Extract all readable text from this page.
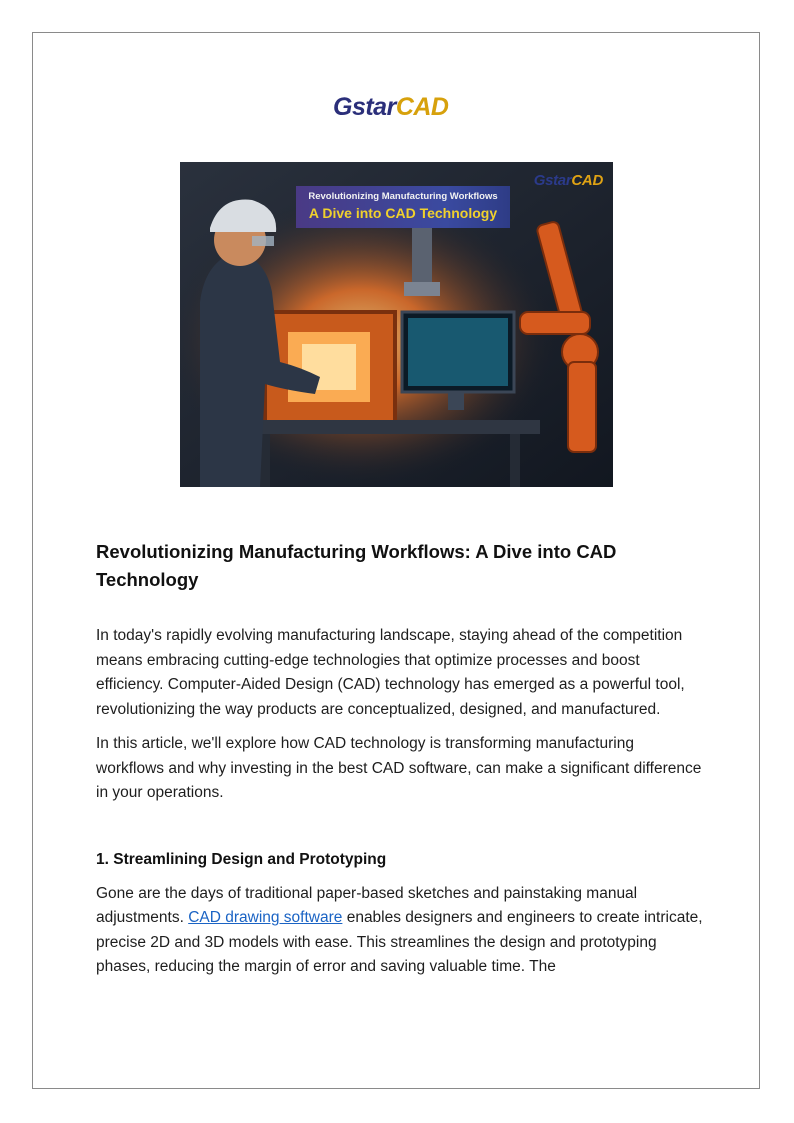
GstarCAD
Revolutionizing Manufacturing Workflows
A Dive into CAD Technology
GstarCAD
Revolutionizing Manufacturing Workflows: A Dive into CAD Technology

In today's rapidly evolving manufacturing landscape, staying ahead of the competition means embracing cutting-edge technologies that optimize processes and boost efficiency. Computer-Aided Design (CAD) technology has emerged as a powerful tool, revolutionizing the way products are conceptualized, designed, and manufactured.

In this article, we'll explore how CAD technology is transforming manufacturing workflows and why investing in the best CAD software, can make a significant difference in your operations.

1. Streamlining Design and Prototyping

Gone are the days of traditional paper-based sketches and painstaking manual adjustments. CAD drawing software enables designers and engineers to create intricate, precise 2D and 3D models with ease. This streamlines the design and prototyping phases, reducing the margin of error and saving valuable time. The
